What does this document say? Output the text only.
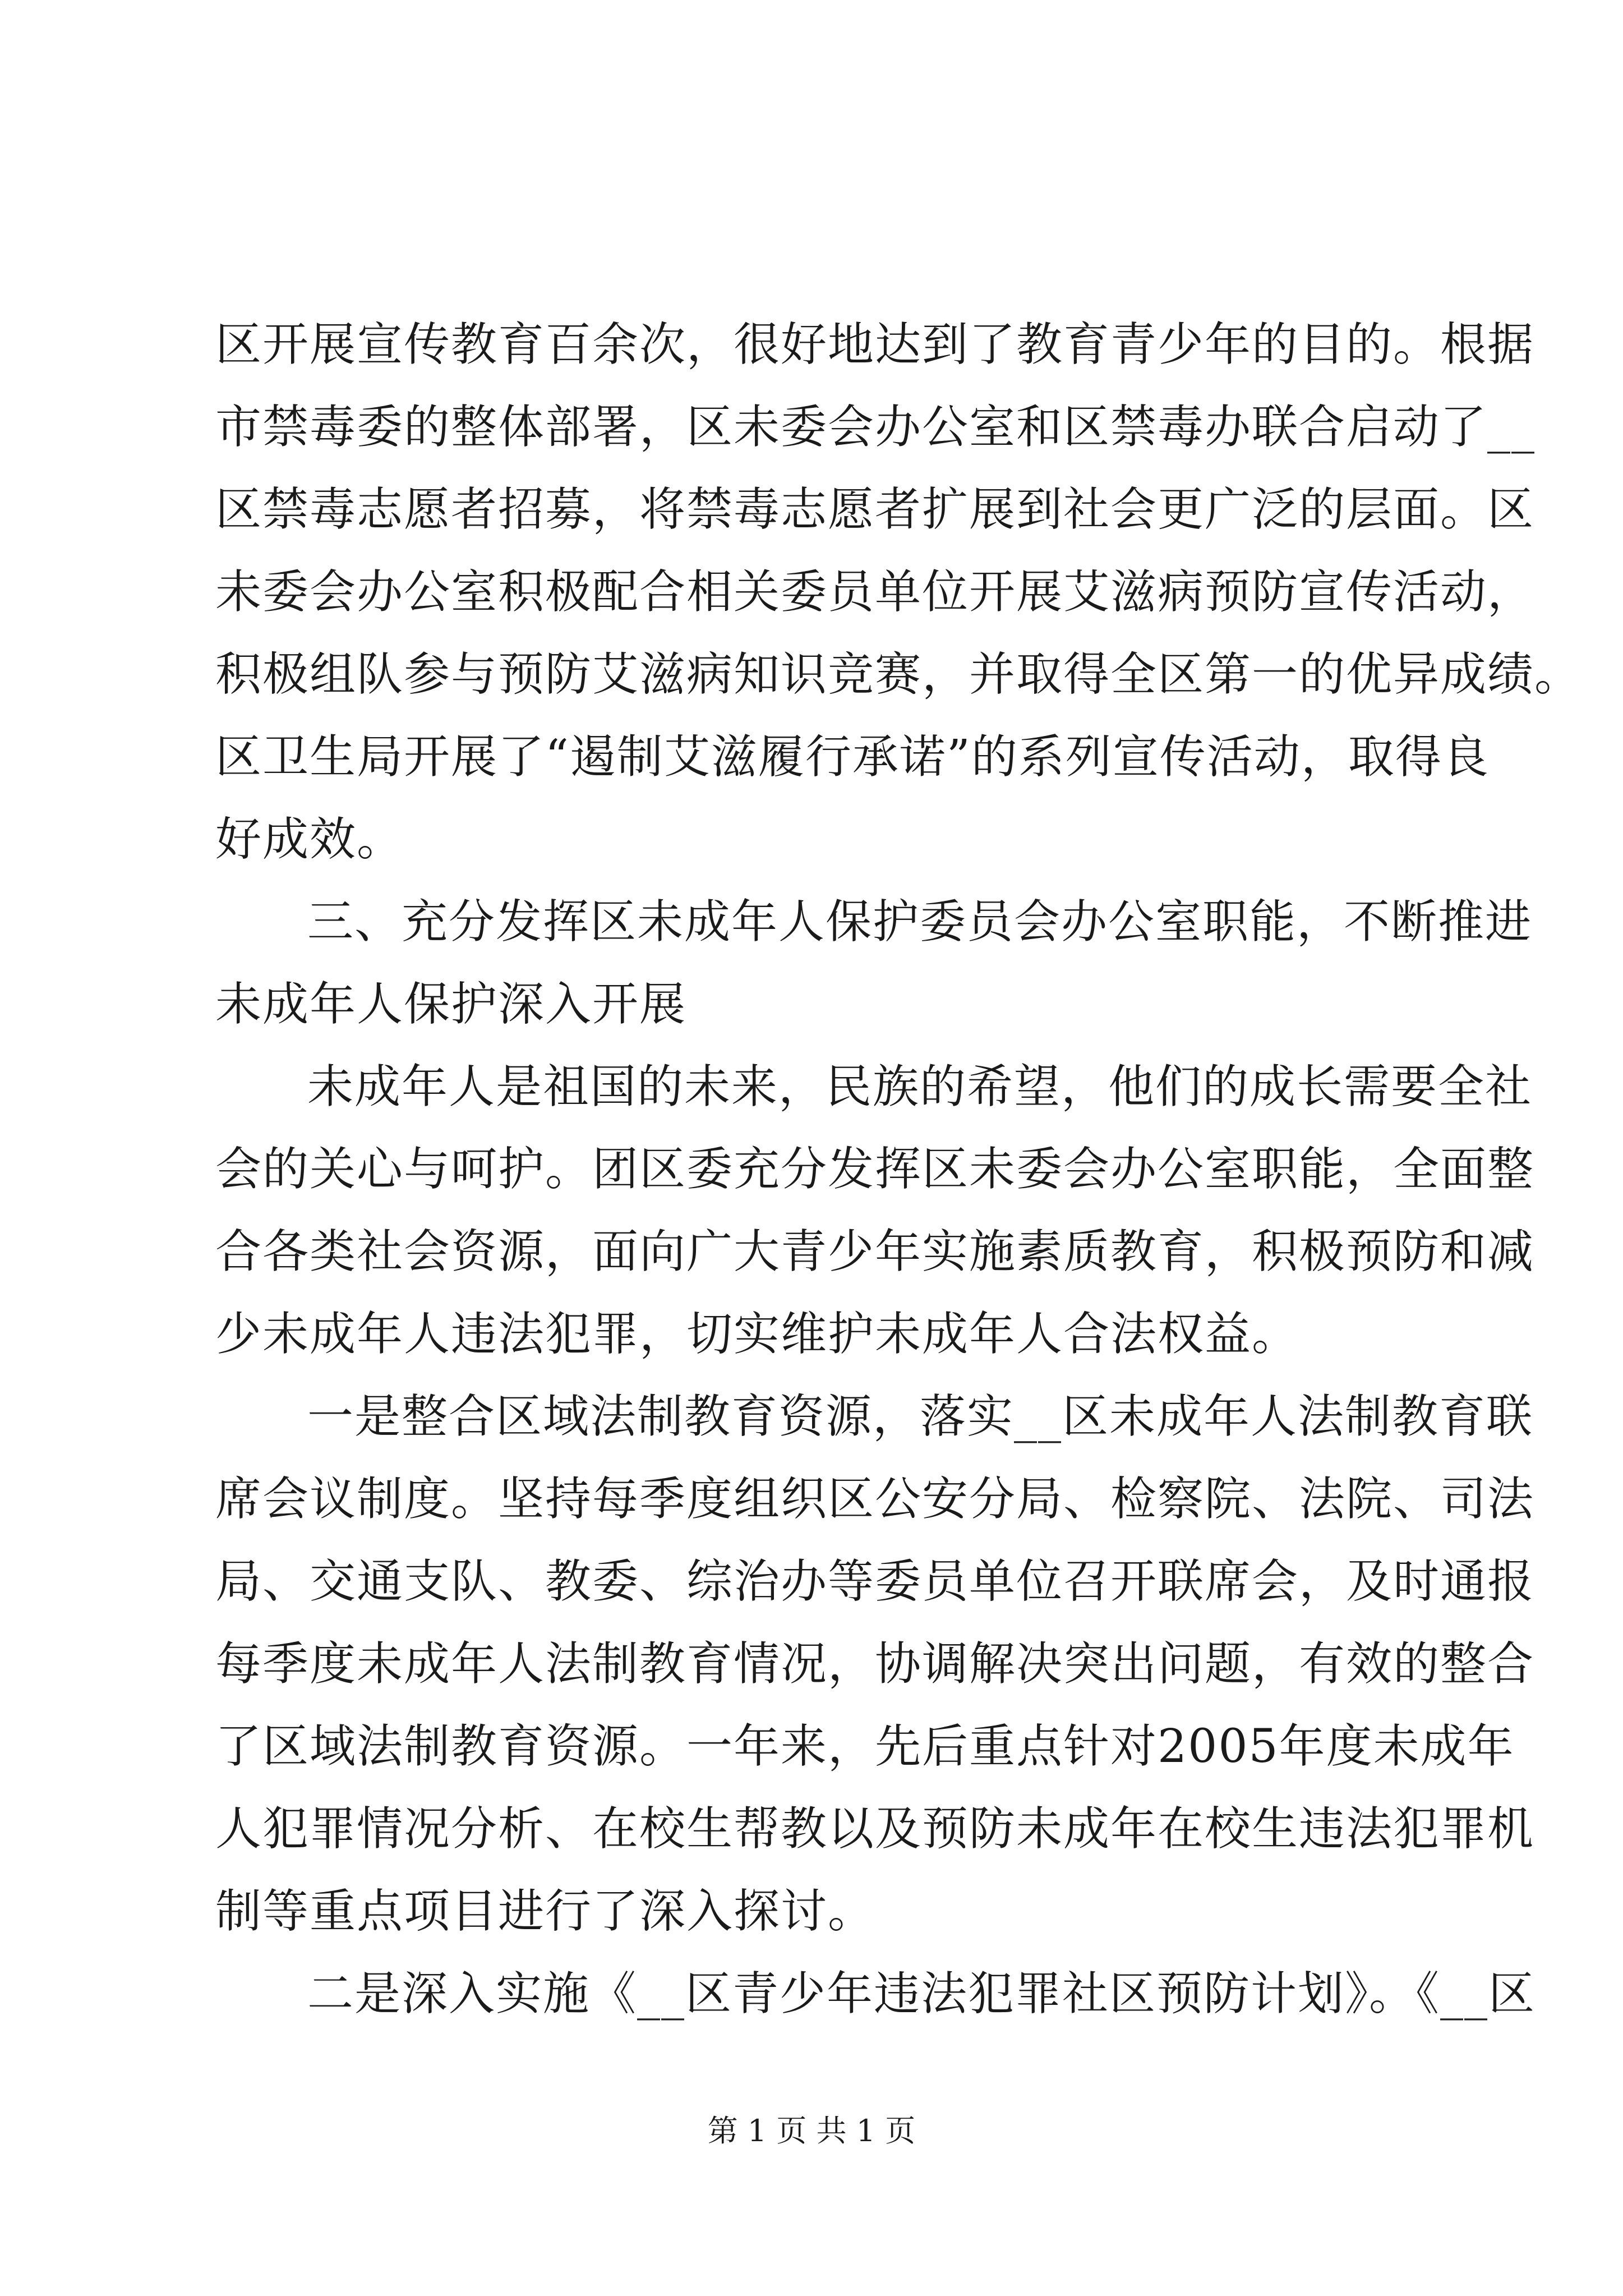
区开展宣传教育百余次，很好地达到了教育青少年的目的。根据
市禁毒委的整体部署，区未委会办公室和区禁毒办联合启动了__
区禁毒志愿者招募，将禁毒志愿者扩展到社会更广泛的层面。区
未委会办公室积极配合相关委员单位开展艾滋病预防宣传活动，
积极组队参与预防艾滋病知识竞赛，并取得全区第一的优异成绩。
区卫生局开展了“遏制艾滋履行承诺”的系列宣传活动，取得良
好成效。
三、充分发挥区未成年人保护委员会办公室职能，不断推进
未成年人保护深入开展
未成年人是祖国的未来，民族的希望，他们的成长需要全社
会的关心与呵护。团区委充分发挥区未委会办公室职能，全面整
合各类社会资源，面向广大青少年实施素质教育，积极预防和减
少未成年人违法犯罪，切实维护未成年人合法权益。
一是整合区域法制教育资源，落实__区未成年人法制教育联
席会议制度。坚持每季度组织区公安分局、检察院、法院、司法
局、交通支队、教委、综治办等委员单位召开联席会，及时通报
每季度未成年人法制教育情况，协调解决突出问题，有效的整合
了区域法制教育资源。一年来，先后重点针对2005年度未成年
人犯罪情况分析、在校生帮教以及预防未成年在校生违法犯罪机
制等重点项目进行了深入探讨。
二是深入实施《__区青少年违法犯罪社区预防计划》。《__区
第 1 页 共 1 页
